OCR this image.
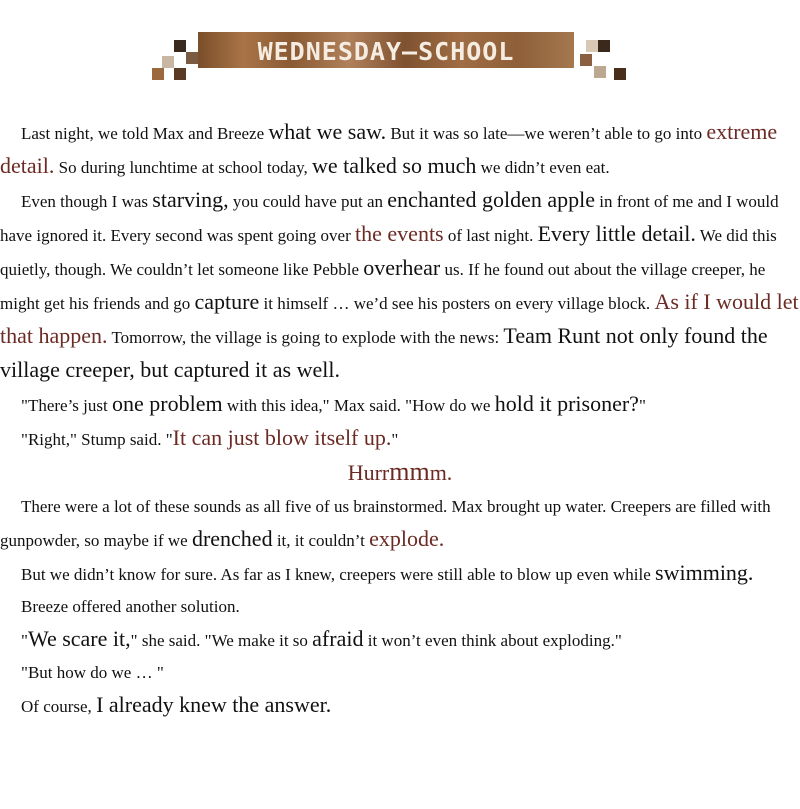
WEDNESDAY—SCHOOL

Last night, we told Max and Breeze what we saw. But it was so late—we weren’t able to go into extreme detail. So during lunchtime at school today, we talked so much we didn’t even eat.

Even though I was starving, you could have put an enchanted golden apple in front of me and I would have ignored it. Every second was spent going over the events of last night. Every little detail. We did this quietly, though. We couldn’t let someone like Pebble overhear us. If he found out about the village creeper, he might get his friends and go capture it himself … we’d see his posters on every village block. As if I would let that happen. Tomorrow, the village is going to explode with the news: Team Runt not only found the village creeper, but captured it as well.

"There’s just one problem with this idea," Max said. "How do we hold it prisoner?"

"Right," Stump said. "It can just blow itself up."

Hurrmmm.

There were a lot of these sounds as all five of us brainstormed. Max brought up water. Creepers are filled with gunpowder, so maybe if we drenched it, it couldn’t explode.

But we didn’t know for sure. As far as I knew, creepers were still able to blow up even while swimming.

Breeze offered another solution.

"We scare it," she said. "We make it so afraid it won’t even think about exploding."

"But how do we … "

Of course, I already knew the answer.
